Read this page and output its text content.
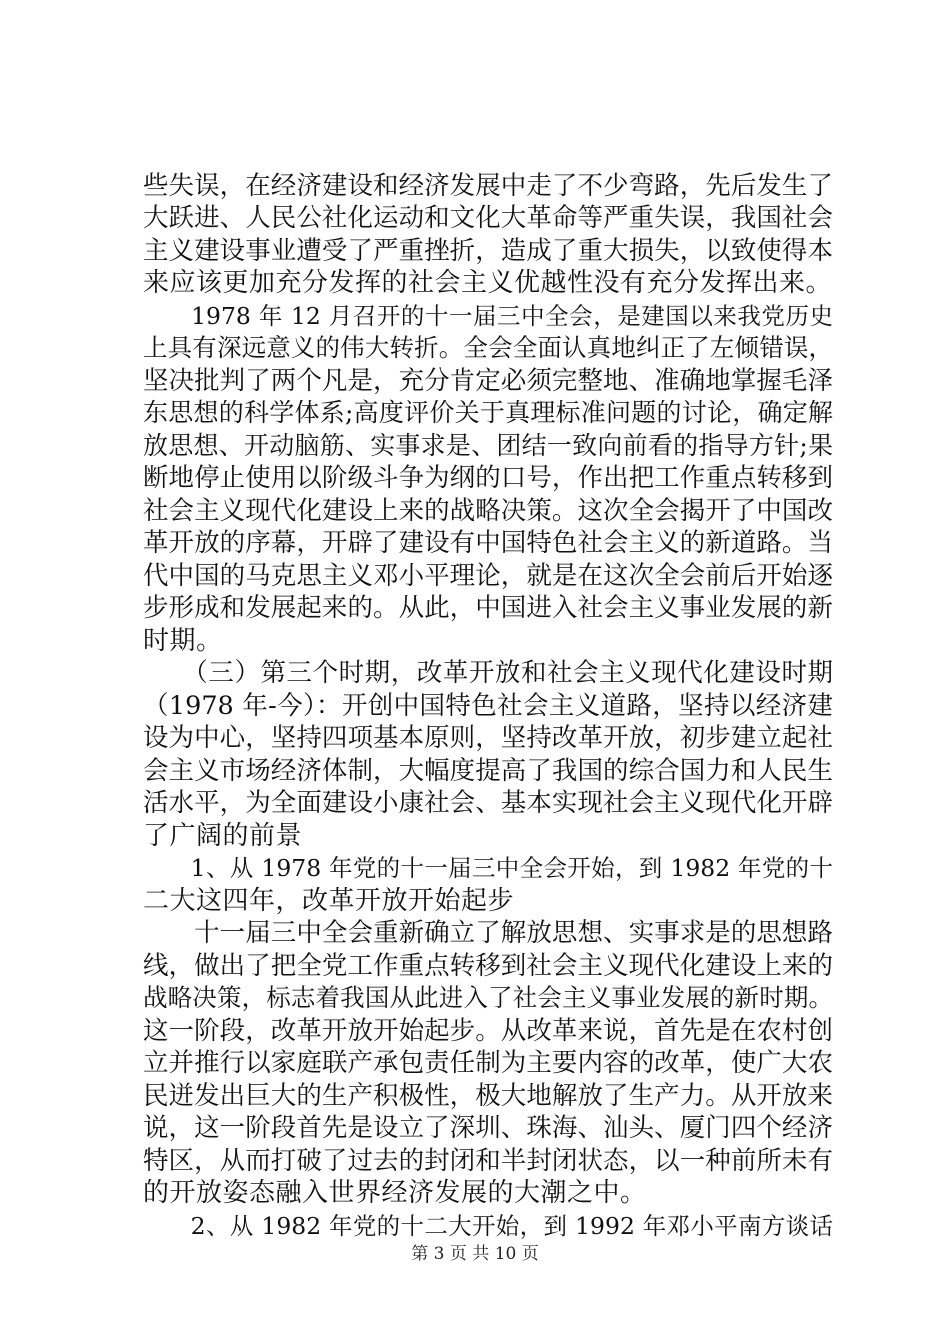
些失误，在经济建设和经济发展中走了不少弯路，先后发生了
大跃进、人民公社化运动和文化大革命等严重失误，我国社会
主义建设事业遭受了严重挫折，造成了重大损失，以致使得本
来应该更加充分发挥的社会主义优越性没有充分发挥出来。
　　1978 年 12 月召开的十一届三中全会，是建国以来我党历史
上具有深远意义的伟大转折。全会全面认真地纠正了左倾错误，
坚决批判了两个凡是，充分肯定必须完整地、准确地掌握毛泽
东思想的科学体系;高度评价关于真理标准问题的讨论，确定解
放思想、开动脑筋、实事求是、团结一致向前看的指导方针;果
断地停止使用以阶级斗争为纲的口号，作出把工作重点转移到
社会主义现代化建设上来的战略决策。这次全会揭开了中国改
革开放的序幕，开辟了建设有中国特色社会主义的新道路。当
代中国的马克思主义邓小平理论，就是在这次全会前后开始逐
步形成和发展起来的。从此，中国进入社会主义事业发展的新
时期。
　　（三）第三个时期，改革开放和社会主义现代化建设时期
（1978 年-今）：开创中国特色社会主义道路，坚持以经济建
设为中心，坚持四项基本原则，坚持改革开放，初步建立起社
会主义市场经济体制，大幅度提高了我国的综合国力和人民生
活水平，为全面建设小康社会、基本实现社会主义现代化开辟
了广阔的前景
　　1、从 1978 年党的十一届三中全会开始，到 1982 年党的十
二大这四年，改革开放开始起步
　　十一届三中全会重新确立了解放思想、实事求是的思想路
线，做出了把全党工作重点转移到社会主义现代化建设上来的
战略决策，标志着我国从此进入了社会主义事业发展的新时期。
这一阶段，改革开放开始起步。从改革来说，首先是在农村创
立并推行以家庭联产承包责任制为主要内容的改革，使广大农
民迸发出巨大的生产积极性，极大地解放了生产力。从开放来
说，这一阶段首先是设立了深圳、珠海、汕头、厦门四个经济
特区，从而打破了过去的封闭和半封闭状态，以一种前所未有
的开放姿态融入世界经济发展的大潮之中。
　　2、从 1982 年党的十二大开始，到 1992 年邓小平南方谈话
第 3 页 共 10 页
